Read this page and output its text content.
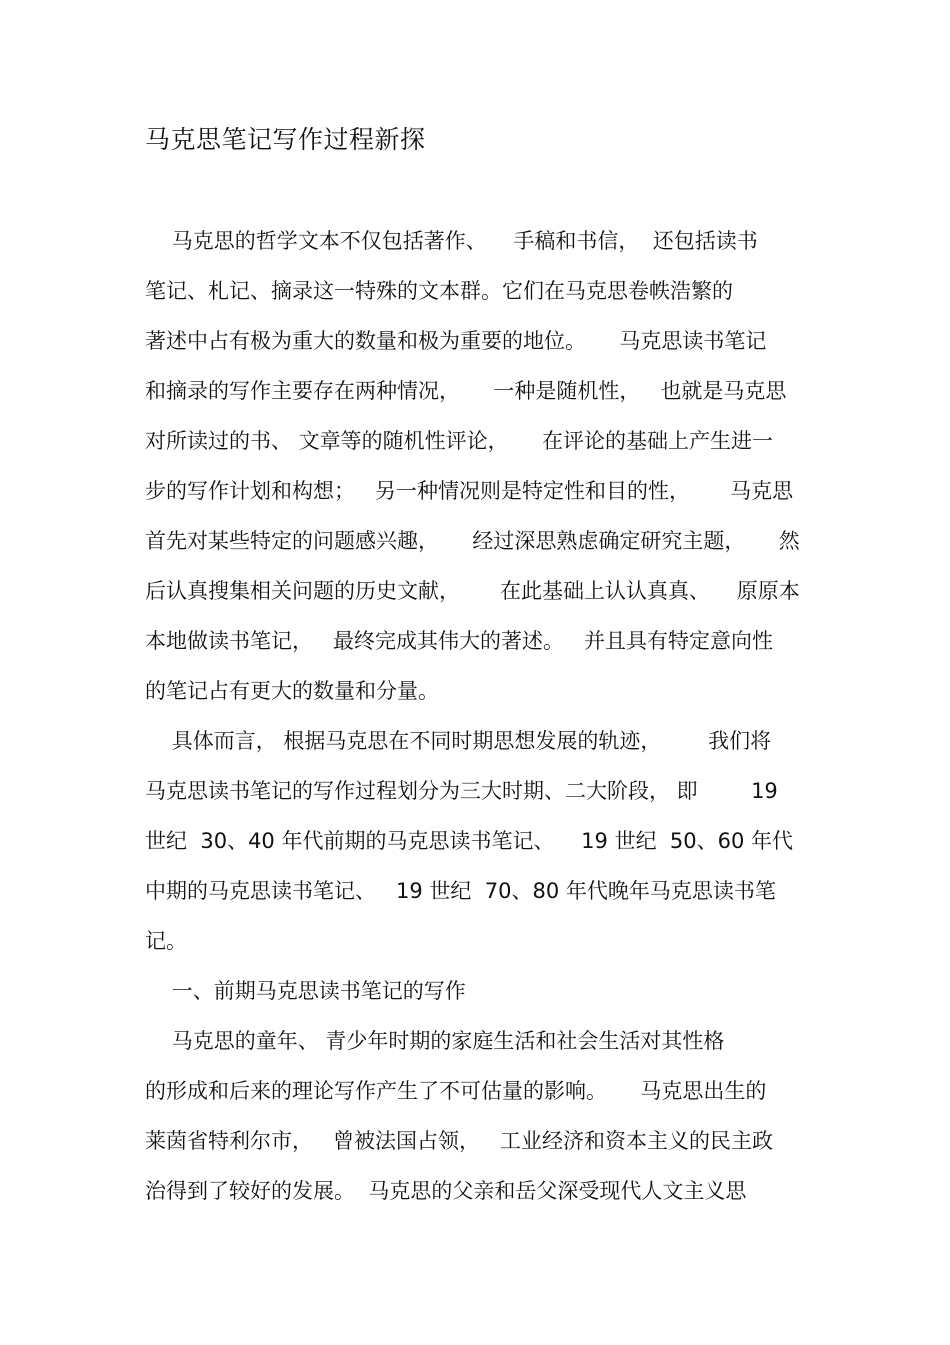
马克思笔记写作过程新探
马克思的哲学文本不仅包括著作、    手稿和书信，  还包括读书
笔记、札记、摘录这一特殊的文本群。它们在马克思卷帙浩繁的
著述中占有极为重大的数量和极为重要的地位。     马克思读书笔记
和摘录的写作主要存在两种情况，     一种是随机性，   也就是马克思
对所读过的书、 文章等的随机性评论，     在评论的基础上产生进一
步的写作计划和构想；   另一种情况则是特定性和目的性，      马克思
首先对某些特定的问题感兴趣，     经过深思熟虑确定研究主题，     然
后认真搜集相关问题的历史文献，      在此基础上认认真真、    原原本
本地做读书笔记，   最终完成其伟大的著述。   并且具有特定意向性
的笔记占有更大的数量和分量。
具体而言， 根据马克思在不同时期思想发展的轨迹，       我们将
马克思读书笔记的写作过程划分为三大时期、二大阶段， 即        19
世纪  30、40 年代前期的马克思读书笔记、    19 世纪  50、60 年代
中期的马克思读书笔记、   19 世纪  70、80 年代晚年马克思读书笔
记。
一、前期马克思读书笔记的写作
马克思的童年、 青少年时期的家庭生活和社会生活对其性格
的形成和后来的理论写作产生了不可估量的影响。     马克思出生的
莱茵省特利尔市，   曾被法国占领，   工业经济和资本主义的民主政
治得到了较好的发展。  马克思的父亲和岳父深受现代人文主义思
